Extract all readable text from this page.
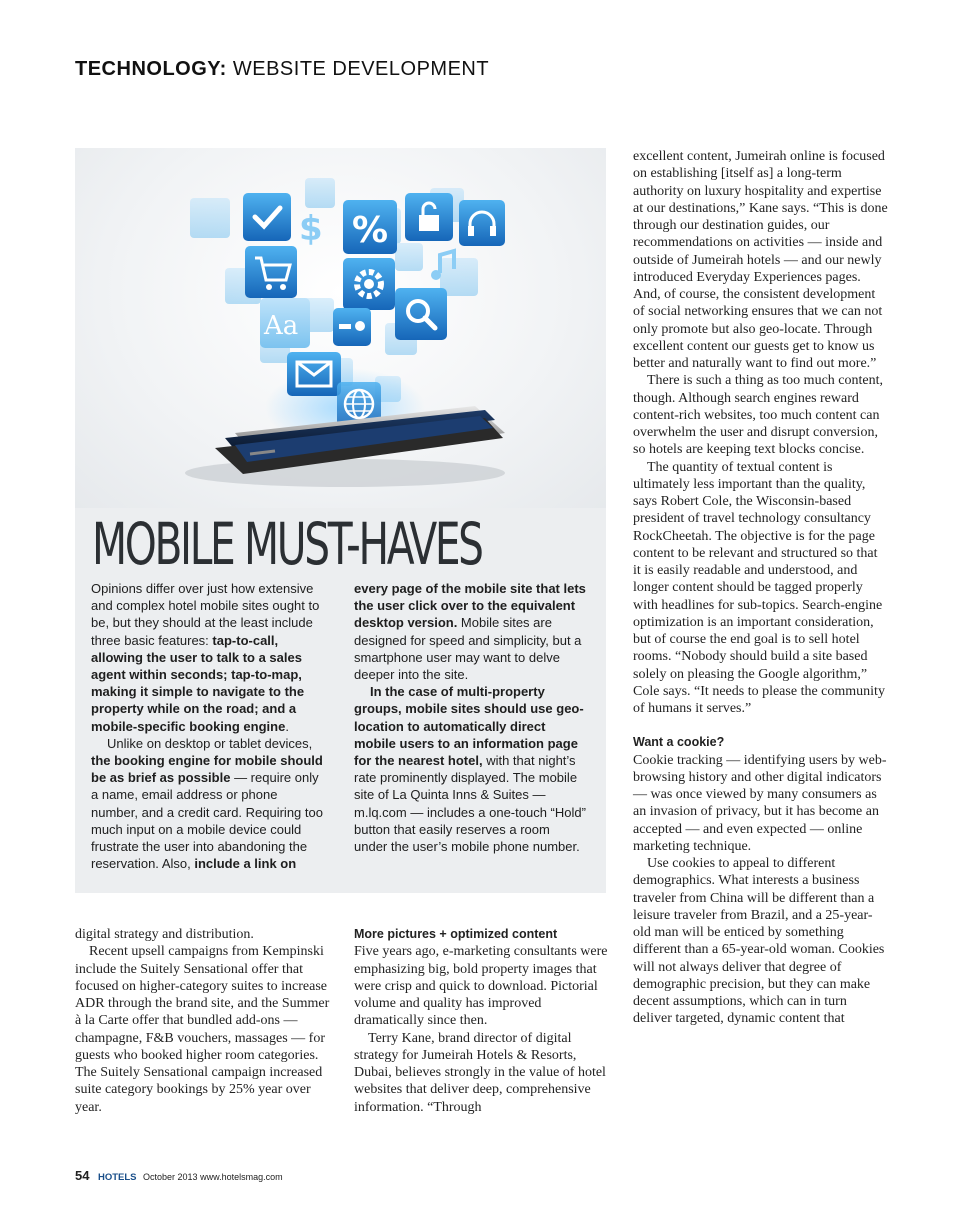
TECHNOLOGY: WEBSITE DEVELOPMENT
$ %
Aa
MOBILE MUST-HAVES

Opinions differ over just how extensive and complex hotel mobile sites ought to be, but they should at the least include three basic features: tap-to-call, allowing the user to talk to a sales agent within seconds; tap-to-map, making it simple to navigate to the property while on the road; and a mobile-specific booking engine.

Unlike on desktop or tablet devices, the booking engine for mobile should be as brief as possible — require only a name, email address or phone number, and a credit card. Requiring too much input on a mobile device could frustrate the user into abandoning the reservation. Also, include a link on

every page of the mobile site that lets the user click over to the equivalent desktop version. Mobile sites are designed for speed and simplicity, but a smartphone user may want to delve deeper into the site.

In the case of multi-property groups, mobile sites should use geo-location to automatically direct mobile users to an information page for the nearest hotel, with that night’s rate prominently displayed. The mobile site of La Quinta Inns & Suites — m.lq.com — includes a one-touch “Hold” button that easily reserves a room under the user’s mobile phone number.

digital strategy and distribution.

Recent upsell campaigns from Kempinski include the Suitely Sensational offer that focused on higher-category suites to increase ADR through the brand site, and the Summer à la Carte offer that bundled add-ons — champagne, F&B vouchers, massages — for guests who booked higher room categories. The Suitely Sensational campaign increased suite category bookings by 25% year over year.

More pictures + optimized content

Five years ago, e-marketing consultants were emphasizing big, bold property images that were crisp and quick to download. Pictorial volume and quality has improved dramatically since then.

Terry Kane, brand director of digital strategy for Jumeirah Hotels & Resorts, Dubai, believes strongly in the value of hotel websites that deliver deep, comprehensive information. “Through

excellent content, Jumeirah online is focused on establishing [itself as] a long-term authority on luxury hospitality and expertise at our destinations,” Kane says. “This is done through our destination guides, our recommendations on activities — inside and outside of Jumeirah hotels — and our newly introduced Everyday Experiences pages. And, of course, the consistent development of social networking ensures that we can not only promote but also geo-locate. Through excellent content our guests get to know us better and naturally want to find out more.”

There is such a thing as too much content, though. Although search engines reward content-rich websites, too much content can overwhelm the user and disrupt conversion, so hotels are keeping text blocks concise.

The quantity of textual content is ultimately less important than the quality, says Robert Cole, the Wisconsin-based president of travel technology consultancy RockCheetah. The objective is for the page content to be relevant and structured so that it is easily readable and understood, and longer content should be tagged properly with headlines for sub-topics. Search-engine optimization is an important consideration, but of course the end goal is to sell hotel rooms. “Nobody should build a site based solely on pleasing the Google algorithm,” Cole says. “It needs to please the community of humans it serves.”

Want a cookie?

Cookie tracking — identifying users by web-browsing history and other digital indicators — was once viewed by many consumers as an invasion of privacy, but it has become an accepted — and even expected — online marketing technique.

Use cookies to appeal to different demographics. What interests a business traveler from China will be different than a leisure traveler from Brazil, and a 25-year-old man will be enticed by something different than a 65-year-old woman. Cookies will not always deliver that degree of demographic precision, but they can make decent assumptions, which can in turn deliver targeted, dynamic content that

54 HOTELS October 2013 www.hotelsmag.com
